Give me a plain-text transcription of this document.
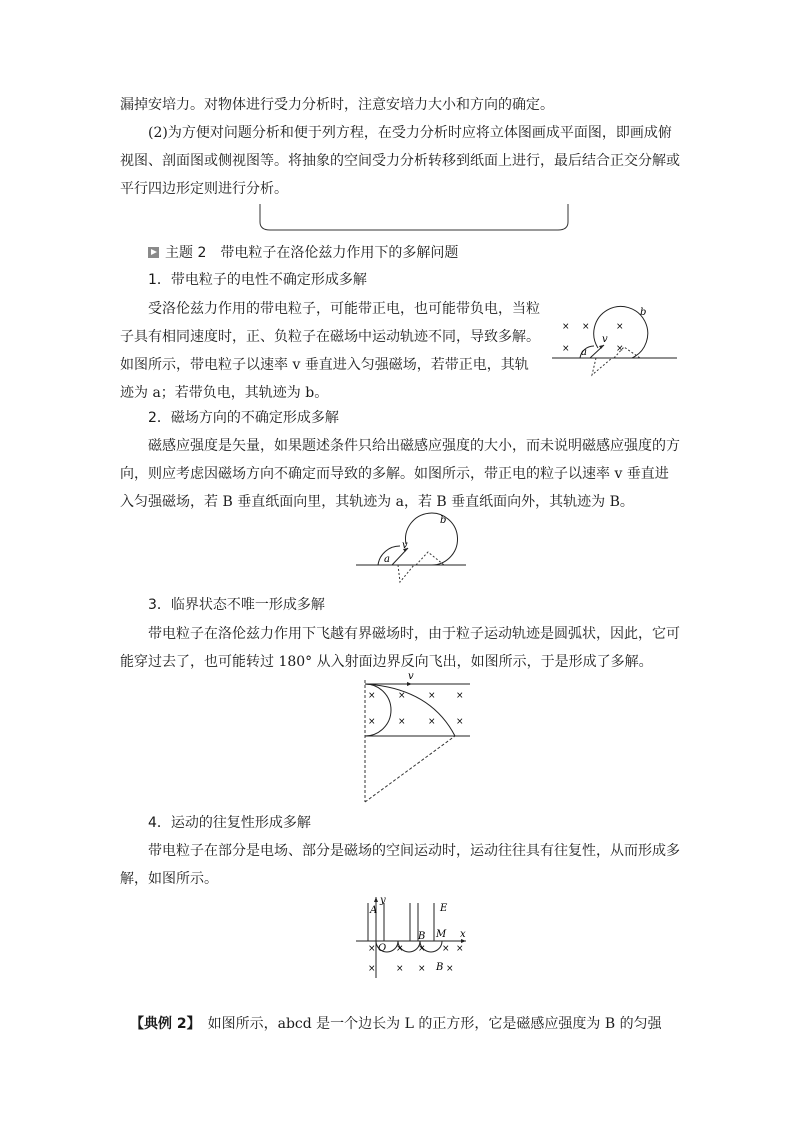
漏掉安培力。对物体进行受力分析时，注意安培力大小和方向的确定。

(2)为方便对问题分析和便于列方程，在受力分析时应将立体图画成平面图，即画成俯视图、剖面图或侧视图等。将抽象的空间受力分析转移到纸面上进行，最后结合正交分解或平行四边形定则进行分析。

主题 2　带电粒子在洛伦兹力作用下的多解问题
1．带电粒子的电性不确定形成多解

受洛伦兹力作用的带电粒子，可能带正电，也可能带负电，当粒子具有相同速度时，正、负粒子在磁场中运动轨迹不同，导致多解。如图所示，带电粒子以速率 v 垂直进入匀强磁场，若带正电，其轨迹为 a；若带负电，其轨迹为 b。

× ×	×
×	×
a
v
b
2．磁场方向的不确定形成多解

磁感应强度是矢量，如果题述条件只给出磁感应强度的大小，而未说明磁感应强度的方向，则应考虑因磁场方向不确定而导致的多解。如图所示，带正电的粒子以速率 v 垂直进入匀强磁场，若 B 垂直纸面向里，其轨迹为 a，若 B 垂直纸面向外，其轨迹为 B。

a
v
b
3．临界状态不唯一形成多解

带电粒子在洛伦兹力作用下飞越有界磁场时，由于粒子运动轨迹是圆弧状，因此，它可能穿过去了，也可能转过 180° 从入射面边界反向飞出，如图所示，于是形成了多解。

v
× × × ×
× × × ×
4．运动的往复性形成多解

带电粒子在部分是电场、部分是磁场的空间运动时，运动往往具有往复性，从而形成多解，如图所示。

A
y
E
O
B M x
B
× × × × ×
× × × ×

【典例 2】　如图所示，abcd 是一个边长为 L 的正方形，它是磁感应强度为 B 的匀强
